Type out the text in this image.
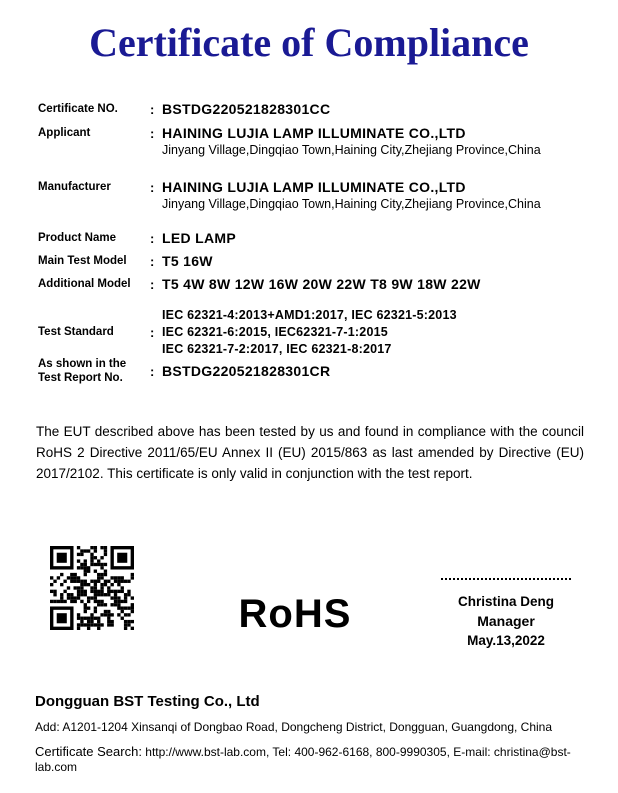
Certificate of Compliance
Certificate NO.	: BSTDG220521828301CC
Applicant	: HAINING LUJIA LAMP ILLUMINATE CO.,LTD
Jinyang Village,Dingqiao Town,Haining City,Zhejiang Province,China
Manufacturer	: HAINING LUJIA LAMP ILLUMINATE CO.,LTD
Jinyang Village,Dingqiao Town,Haining City,Zhejiang Province,China
Product Name	: LED LAMP
Main Test Model	: T5 16W
Additional Model	: T5 4W 8W 12W 16W 20W 22W T8 9W 18W 22W
Test Standard	:
IEC 62321-4:2013+AMD1:2017, IEC 62321-5:2013
IEC 62321-6:2015, IEC62321-7-1:2015
IEC 62321-7-2:2017, IEC 62321-8:2017
As shown in the
Test Report No.	: BSTDG220521828301CR

The EUT described above has been tested by us and found in compliance with the council RoHS 2 Directive 2011/65/EU Annex II (EU) 2015/863 as last amended by Directive (EU) 2017/2102. This certificate is only valid in conjunction with the test report.

RoHS	Christina Deng
Manager
May.13,2022
Dongguan BST Testing Co., Ltd
Add: A1201-1204 Xinsanqi of Dongbao Road, Dongcheng District, Dongguan, Guangdong, China
Certificate Search: http://www.bst-lab.com, Tel: 400-962-6168, 800-9990305, E-mail: christina@bst-lab.com
